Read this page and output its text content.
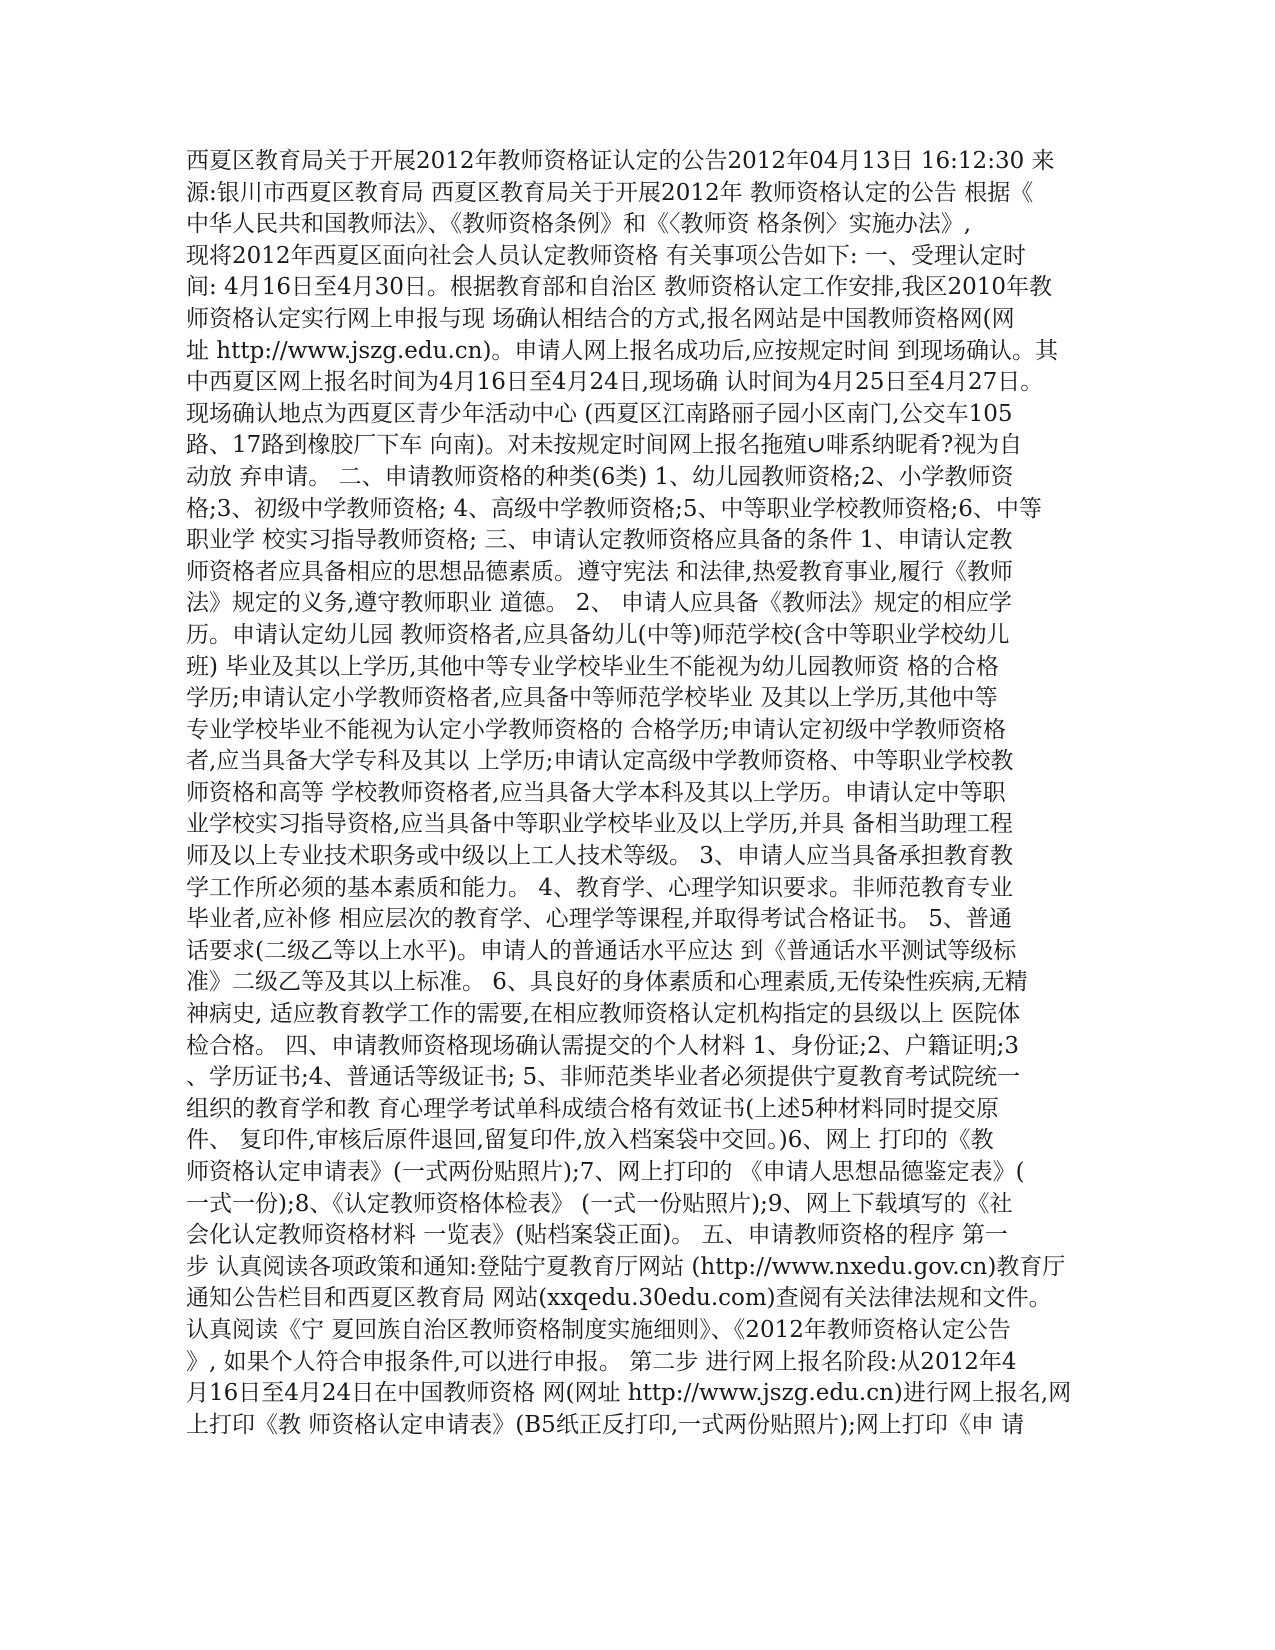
西夏区教育局关于开展2012年教师资格证认定的公告2012年04月13日 16:12:30 来
源:银川市西夏区教育局 西夏区教育局关于开展2012年 教师资格认定的公告 根据《
中华人民共和国教师法》、《教师资格条例》和《〈教师资 格条例〉实施办法》,
现将2012年西夏区面向社会人员认定教师资格 有关事项公告如下: 一、受理认定时
间: 4月16日至4月30日。根据教育部和自治区 教师资格认定工作安排,我区2010年教
师资格认定实行网上申报与现 场确认相结合的方式,报名网站是中国教师资格网(网
址 http://www.jszg.edu.cn)。申请人网上报名成功后,应按规定时间 到现场确认。其
中西夏区网上报名时间为4月16日至4月24日,现场确 认时间为4月25日至4月27日。
现场确认地点为西夏区青少年活动中心 (西夏区江南路丽子园小区南门,公交车105
路、17路到橡胶厂下车 向南)。对未按规定时间网上报名拖殖∪啡系纳昵肴?视为自
动放 弃申请。 二、申请教师资格的种类(6类) 1、幼儿园教师资格;2、小学教师资
格;3、初级中学教师资格; 4、高级中学教师资格;5、中等职业学校教师资格;6、中等
职业学 校实习指导教师资格; 三、申请认定教师资格应具备的条件 1、申请认定教
师资格者应具备相应的思想品德素质。遵守宪法 和法律,热爱教育事业,履行《教师
法》规定的义务,遵守教师职业 道德。 2、 申请人应具备《教师法》规定的相应学
历。申请认定幼儿园 教师资格者,应具备幼儿(中等)师范学校(含中等职业学校幼儿
班) 毕业及其以上学历,其他中等专业学校毕业生不能视为幼儿园教师资 格的合格
学历;申请认定小学教师资格者,应具备中等师范学校毕业 及其以上学历,其他中等
专业学校毕业不能视为认定小学教师资格的 合格学历;申请认定初级中学教师资格
者,应当具备大学专科及其以 上学历;申请认定高级中学教师资格、中等职业学校教
师资格和高等 学校教师资格者,应当具备大学本科及其以上学历。申请认定中等职
业学校实习指导资格,应当具备中等职业学校毕业及以上学历,并具 备相当助理工程
师及以上专业技术职务或中级以上工人技术等级。 3、申请人应当具备承担教育教
学工作所必须的基本素质和能力。 4、教育学、心理学知识要求。非师范教育专业
毕业者,应补修 相应层次的教育学、心理学等课程,并取得考试合格证书。 5、普通
话要求(二级乙等以上水平)。申请人的普通话水平应达 到《普通话水平测试等级标
准》二级乙等及其以上标准。 6、具良好的身体素质和心理素质,无传染性疾病,无精
神病史, 适应教育教学工作的需要,在相应教师资格认定机构指定的县级以上 医院体
检合格。 四、申请教师资格现场确认需提交的个人材料 1、身份证;2、户籍证明;3
、学历证书;4、普通话等级证书; 5、非师范类毕业者必须提供宁夏教育考试院统一
组织的教育学和教 育心理学考试单科成绩合格有效证书(上述5种材料同时提交原
件、 复印件,审核后原件退回,留复印件,放入档案袋中交回。)6、网上 打印的《教
师资格认定申请表》(一式两份贴照片);7、网上打印的 《申请人思想品德鉴定表》(
一式一份);8、《认定教师资格体检表》 (一式一份贴照片);9、网上下载填写的《社
会化认定教师资格材料 一览表》(贴档案袋正面)。 五、申请教师资格的程序 第一
步 认真阅读各项政策和通知:登陆宁夏教育厅网站 (http://www.nxedu.gov.cn)教育厅
通知公告栏目和西夏区教育局 网站(xxqedu.30edu.com)查阅有关法律法规和文件。
认真阅读《宁 夏回族自治区教师资格制度实施细则》、《2012年教师资格认定公告
》, 如果个人符合申报条件,可以进行申报。 第二步 进行网上报名阶段:从2012年4
月16日至4月24日在中国教师资格 网(网址 http://www.jszg.edu.cn)进行网上报名,网
上打印《教 师资格认定申请表》(B5纸正反打印,一式两份贴照片);网上打印《申 请
